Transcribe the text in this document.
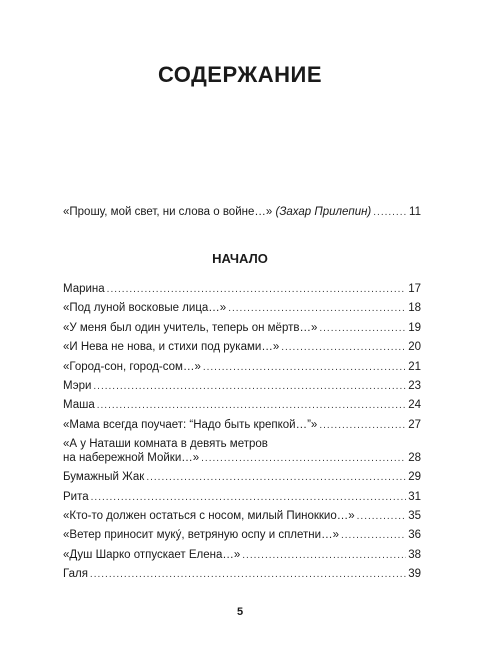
СОДЕРЖАНИЕ
«Прошу, мой свет, ни слова о войне…» (Захар Прилепин) .....	11
НАЧАЛО
Марина .....	17
«Под луной восковые лица…» .....	18
«У меня был один учитель, теперь он мёртв…» .....	19
«И Нева не нова, и стихи под руками…» .....	20
«Город-сон, город-сом…» .....	21
Мэри .....	23
Маша .....	24
«Мама всегда поучает: “Надо быть крепкой…”» .....	27
«А у Наташи комната в девять метров
на набережной Мойки…» .....	28
Бумажный Жак .....	29
Рита .....	31
«Кто-то должен остаться с носом, милый Пиноккио…» .....	35
«Ветер приносит муку́, ветряную оспу и сплетни…» .....	36
«Душ Шарко отпускает Елена…» .....	38
Галя .....	39
5
